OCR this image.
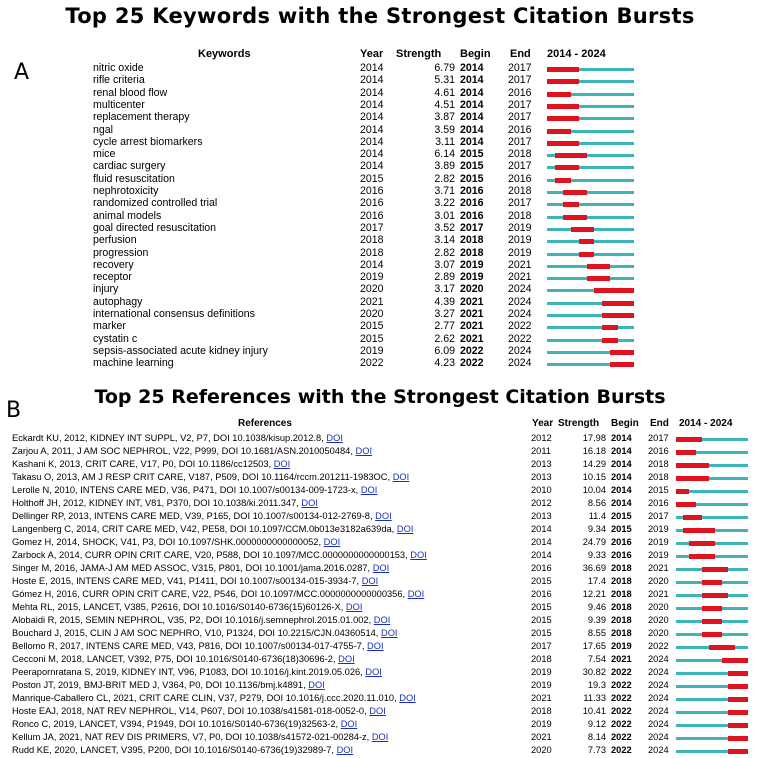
Top 25 Keywords with the Strongest Citation Bursts
A
Keywords	Year Strength Begin End 2014 - 2024
nitric oxide	2014	6.79 2014 2017
rifle criteria	2014	5.31 2014 2017
renal blood flow	2014	4.61 2014 2016
multicenter	2014	4.51 2014 2017
replacement therapy	2014	3.87 2014 2017
ngal	2014	3.59 2014 2016
cycle arrest biomarkers	2014	3.11 2014 2017
mice	2014	6.14 2015 2018
cardiac surgery	2014	3.89 2015 2017
fluid resuscitation	2015	2.82 2015 2016
nephrotoxicity	2016	3.71 2016 2018
randomized controlled trial	2016	3.22 2016 2017
animal models	2016	3.01 2016 2018
goal directed resuscitation	2017	3.52 2017 2019
perfusion	2018	3.14 2018 2019
progression	2018	2.82 2018 2019
recovery	2014	3.07 2019 2021
receptor	2019	2.89 2019 2021
injury	2020	3.17 2020 2024
autophagy	2021	4.39 2021 2024
international consensus definitions	2020	3.27 2021 2024
marker	2015	2.77 2021 2022
cystatin c	2015	2.62 2021 2022
sepsis-associated acute kidney injury	2019	6.09 2022 2024
machine learning	2022	4.23 2022 2024
Top 25 References with the Strongest Citation Bursts
B
References	Year Strength Begin End 2014 - 2024
Eckardt KU, 2012, KIDNEY INT SUPPL, V2, P7, DOI 10.1038/kisup.2012.8, DOI	2012	17.98 2014 2017
Zarjou A, 2011, J AM SOC NEPHROL, V22, P999, DOI 10.1681/ASN.2010050484, DOI	2011	16.18 2014 2016
Kashani K, 2013, CRIT CARE, V17, P0, DOI 10.1186/cc12503, DOI	2013	14.29 2014 2018
Takasu O, 2013, AM J RESP CRIT CARE, V187, P509, DOI 10.1164/rccm.201211-1983OC, DOI	2013	10.15 2014 2018
Lerolle N, 2010, INTENS CARE MED, V36, P471, DOI 10.1007/s00134-009-1723-x, DOI	2010	10.04 2014 2015
Holthoff JH, 2012, KIDNEY INT, V81, P370, DOI 10.1038/ki.2011.347, DOI	2012	8.56 2014 2016
Dellinger RP, 2013, INTENS CARE MED, V39, P165, DOI 10.1007/s00134-012-2769-8, DOI	2013	11.4 2015 2017
Langenberg C, 2014, CRIT CARE MED, V42, PE58, DOI 10.1097/CCM.0b013e3182a639da, DOI	2014	9.34 2015 2019
Gomez H, 2014, SHOCK, V41, P3, DOI 10.1097/SHK.0000000000000052, DOI	2014	24.79 2016 2019
Zarbock A, 2014, CURR OPIN CRIT CARE, V20, P588, DOI 10.1097/MCC.0000000000000153, DOI	2014	9.33 2016 2019
Singer M, 2016, JAMA-J AM MED ASSOC, V315, P801, DOI 10.1001/jama.2016.0287, DOI	2016	36.69 2018 2021
Hoste E, 2015, INTENS CARE MED, V41, P1411, DOI 10.1007/s00134-015-3934-7, DOI	2015	17.4 2018 2020
Gómez H, 2016, CURR OPIN CRIT CARE, V22, P546, DOI 10.1097/MCC.0000000000000356, DOI	2016	12.21 2018 2021
Mehta RL, 2015, LANCET, V385, P2616, DOI 10.1016/S0140-6736(15)60126-X, DOI	2015	9.46 2018 2020
Alobaidi R, 2015, SEMIN NEPHROL, V35, P2, DOI 10.1016/j.semnephrol.2015.01.002, DOI	2015	9.39 2018 2020
Bouchard J, 2015, CLIN J AM SOC NEPHRO, V10, P1324, DOI 10.2215/CJN.04360514, DOI	2015	8.55 2018 2020
Bellomo R, 2017, INTENS CARE MED, V43, P816, DOI 10.1007/s00134-017-4755-7, DOI	2017	17.65 2019 2022
Cecconi M, 2018, LANCET, V392, P75, DOI 10.1016/S0140-6736(18)30696-2, DOI	2018	7.54 2021 2024
Peerapornratana S, 2019, KIDNEY INT, V96, P1083, DOI 10.1016/j.kint.2019.05.026, DOI	2019	30.82 2022 2024
Poston JT, 2019, BMJ-BRIT MED J, V364, P0, DOI 10.1136/bmj.k4891, DOI	2019	19.3 2022 2024
Manrique-Caballero CL, 2021, CRIT CARE CLIN, V37, P279, DOI 10.1016/j.ccc.2020.11.010, DOI	2021	11.33 2022 2024
Hoste EAJ, 2018, NAT REV NEPHROL, V14, P607, DOI 10.1038/s41581-018-0052-0, DOI	2018	10.41 2022 2024
Ronco C, 2019, LANCET, V394, P1949, DOI 10.1016/S0140-6736(19)32563-2, DOI	2019	9.12 2022 2024
Kellum JA, 2021, NAT REV DIS PRIMERS, V7, P0, DOI 10.1038/s41572-021-00284-z, DOI	2021	8.14 2022 2024
Rudd KE, 2020, LANCET, V395, P200, DOI 10.1016/S0140-6736(19)32989-7, DOI	2020	7.73 2022 2024
